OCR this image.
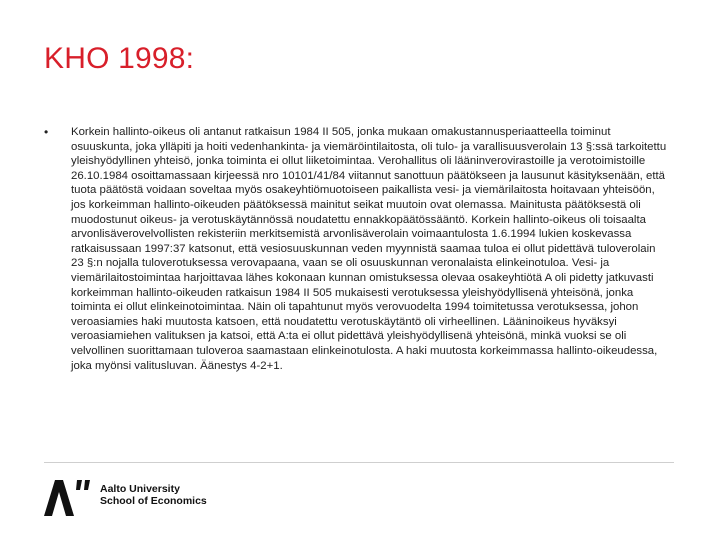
KHO 1998:
• Korkein hallinto-oikeus oli antanut ratkaisun 1984 II 505, jonka mukaan omakustannusperiaatteella toiminut osuuskunta, joka ylläpiti ja hoiti vedenhankinta- ja viemäröintilaitosta, oli tulo- ja varallisuusverolain 13 §:ssä tarkoitettu yleishyödyllinen yhteisö, jonka toiminta ei ollut liiketoimintaa. Verohallitus oli lääninverovirastoille ja verotoimistoille 26.10.1984 osoittamassaan kirjeessä nro 10101/41/84 viitannut sanottuun päätökseen ja lausunut käsityksenään, että tuota päätöstä voidaan soveltaa myös osakeyhtiömuotoiseen paikallista vesi- ja viemärilaitosta hoitavaan yhteisöön, jos korkeimman hallinto-oikeuden päätöksessä mainitut seikat muutoin ovat olemassa. Mainitusta päätöksestä oli muodostunut oikeus- ja verotuskäytännössä noudatettu ennakkopäätössääntö. Korkein hallinto-oikeus oli toisaalta arvonlisäverovelvollisten rekisteriin merkitsemistä arvonlisäverolain voimaantulosta 1.6.1994 lukien koskevassa ratkaisussaan 1997:37 katsonut, että vesiosuuskunnan veden myynnistä saamaa tuloa ei ollut pidettävä tuloverolain 23 §:n nojalla tuloverotuksessa verovapaana, vaan se oli osuuskunnan veronalaista elinkeinotuloa. Vesi- ja viemärilaitostoimintaa harjoittavaa lähes kokonaan kunnan omistuksessa olevaa osakeyhtiötä A oli pidetty jatkuvasti korkeimman hallinto-oikeuden ratkaisun 1984 II 505 mukaisesti verotuksessa yleishyödyllisenä yhteisönä, jonka toiminta ei ollut elinkeinotoimintaa. Näin oli tapahtunut myös verovuodelta 1994 toimitetussa verotuksessa, johon veroasiamies haki muutosta katsoen, että noudatettu verotuskäytäntö oli virheellinen. Lääninoikeus hyväksyi veroasiamiehen valituksen ja katsoi, että A:ta ei ollut pidettävä yleishyödyllisenä yhteisönä, minkä vuoksi se oli velvollinen suorittamaan tuloveroa saamastaan elinkeinotulosta. A haki muutosta korkeimmassa hallinto-oikeudessa, joka myönsi valitusluvan. Äänestys 4-2+1.

Aalto University
School of Economics
